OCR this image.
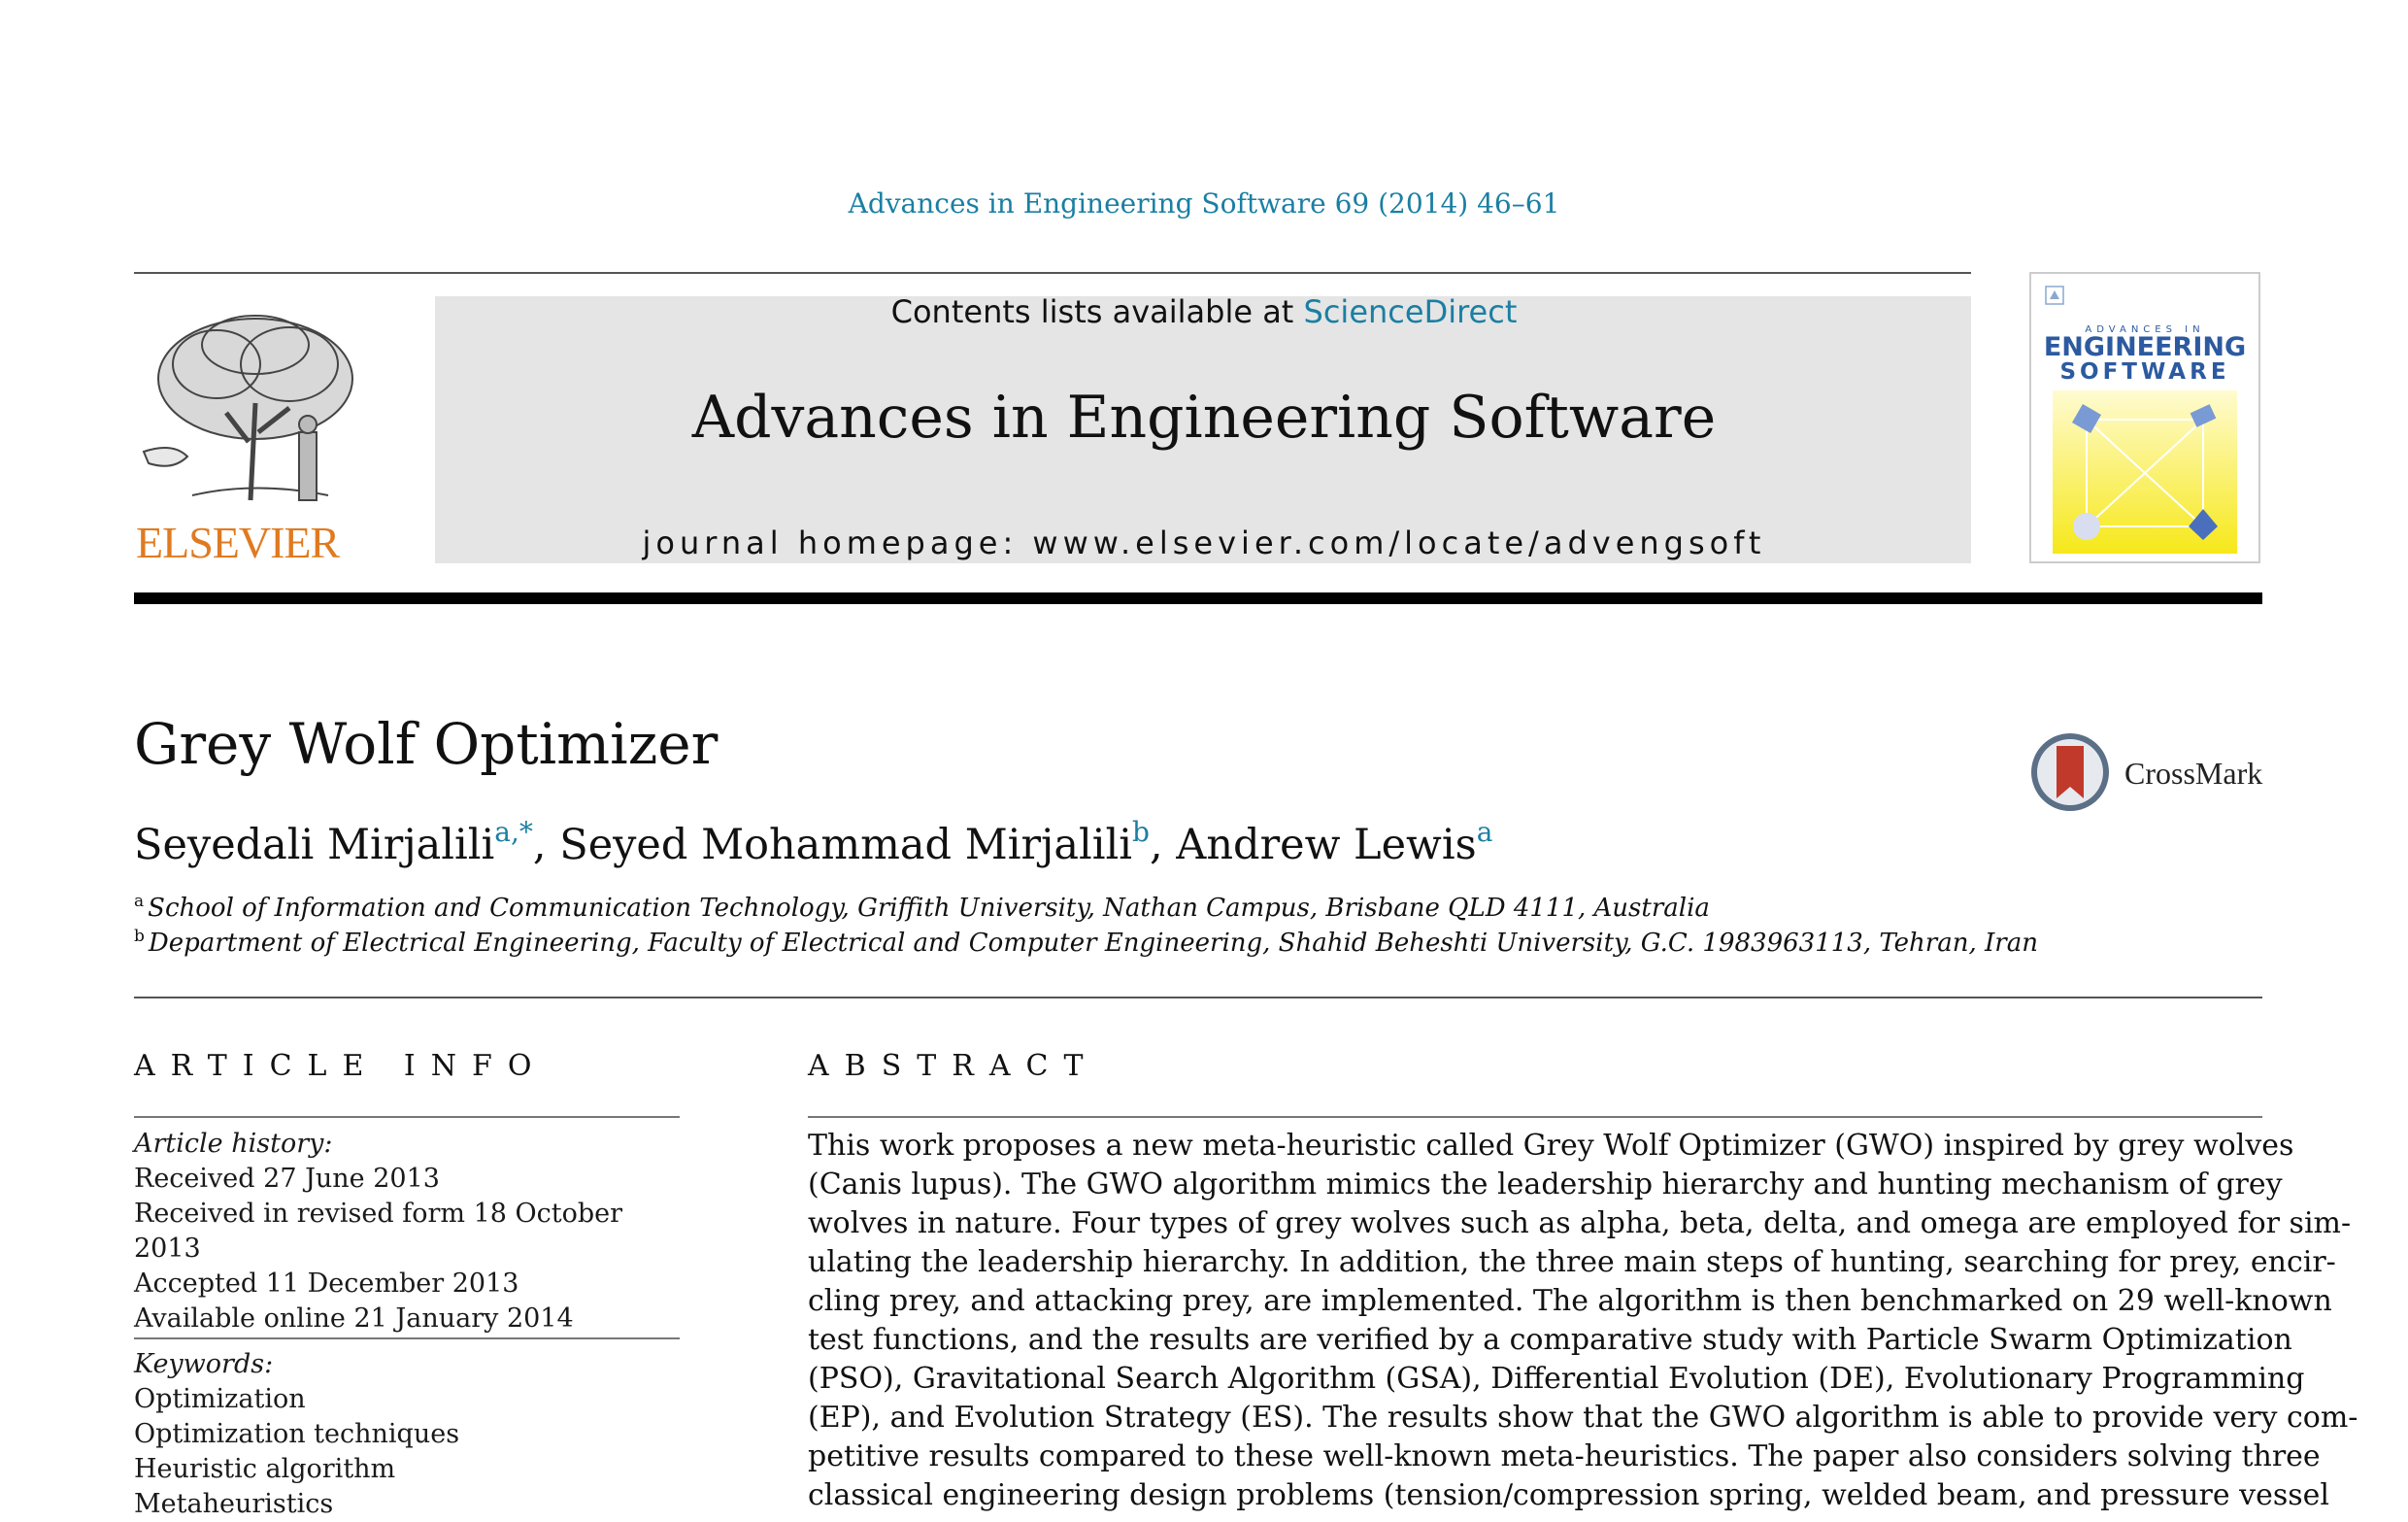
Advances in Engineering Software 69 (2014) 46–61
ELSEVIER
Contents lists available at ScienceDirect
Advances in Engineering Software
journal homepage: www.elsevier.com/locate/advengsoft
ADVANCES IN
ENGINEERING
SOFTWARE
Grey Wolf Optimizer	CrossMark
Seyedali Mirjalili$^{a,*}$, Seyed Mohammad Mirjalili$^b$, Andrew Lewis$^a$
$^a$ School of Information and Communication Technology, Griffith University, Nathan Campus, Brisbane QLD 4111, Australia
$^b$ Department of Electrical Engineering, Faculty of Electrical and Computer Engineering, Shahid Beheshti University, G.C. 1983963113, Tehran, Iran
ARTICLE INFO
Article history:
Received 27 June 2013
Received in revised form 18 October 2013
Accepted 11 December 2013
Available online 21 January 2014
Keywords:
Optimization
Optimization techniques
Heuristic algorithm
Metaheuristics
ABSTRACT
This work proposes a new meta-heuristic called Grey Wolf Optimizer (GWO) inspired by grey wolves
(Canis lupus). The GWO algorithm mimics the leadership hierarchy and hunting mechanism of grey
wolves in nature. Four types of grey wolves such as alpha, beta, delta, and omega are employed for sim-
ulating the leadership hierarchy. In addition, the three main steps of hunting, searching for prey, encir-
cling prey, and attacking prey, are implemented. The algorithm is then benchmarked on 29 well-known
test functions, and the results are verified by a comparative study with Particle Swarm Optimization
(PSO), Gravitational Search Algorithm (GSA), Differential Evolution (DE), Evolutionary Programming
(EP), and Evolution Strategy (ES). The results show that the GWO algorithm is able to provide very com-
petitive results compared to these well-known meta-heuristics. The paper also considers solving three
classical engineering design problems (tension/compression spring, welded beam, and pressure vessel
